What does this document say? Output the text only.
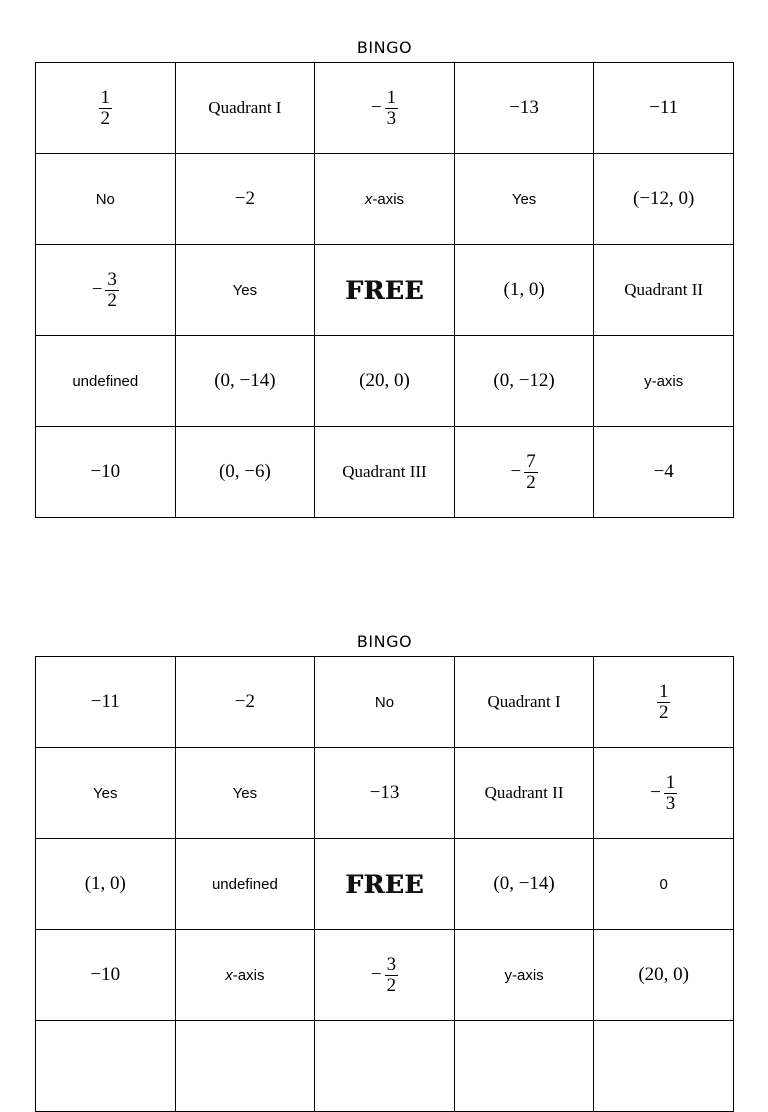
BINGO
$\frac{1}{2}$	Quadrant I	− $\frac{1}{3}$	−13	−11
No	−2	x-axis	Yes	(−12, 0)

− $\frac{3}{2}$	Yes	FREE	(1, 0)	Quadrant II
undefined	(0, −14)	(20, 0)	(0, −12)	y-axis
−10	(0, −6)	Quadrant III	− $\frac{7}{2}$	−4
BINGO
−11	−2	No	Quadrant I	$\frac{1}{2}$

Yes	Yes	−13	Quadrant II	− $\frac{1}{3}$

(1, 0)	undefined	FREE	(0, −14)	0
−10	x-axis	− $\frac{3}{2}$	y-axis	(20, 0)
